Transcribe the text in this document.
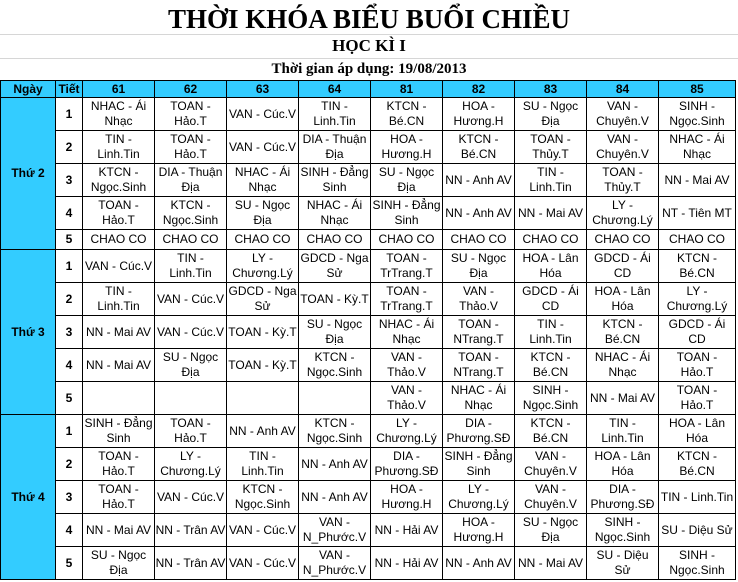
THỜI KHÓA BIỂU BUỔI CHIỀU
HỌC KÌ I
Thời gian áp dụng: 19/08/2013
Ngày	Tiết	61	62	63	64	81	82	83	84	85
Thứ 2	1	NHAC - Ái Nhạc	TOAN - Hảo.T	VAN - Cúc.V	TIN - Linh.Tin	KTCN - Bé.CN	HOA - Hương.H	SU - Ngọc Địa	VAN - Chuyên.V	SINH - Ngọc.Sinh
	2	TIN - Linh.Tin	TOAN - Hảo.T	VAN - Cúc.V	DIA - Thuận Địa	HOA - Hương.H	KTCN - Bé.CN	TOAN - Thủy.T	VAN - Chuyên.V	NHAC - Ái Nhạc
	3	KTCN - Ngọc.Sinh	DIA - Thuận Địa	NHAC - Ái Nhạc	SINH - Đẳng Sinh	SU - Ngọc Địa	NN - Anh AV	TIN - Linh.Tin	TOAN - Thủy.T	NN - Mai AV
	4	TOAN - Hảo.T	KTCN - Ngọc.Sinh	SU - Ngọc Địa	NHAC - Ái Nhạc	SINH - Đẳng Sinh	NN - Anh AV	NN - Mai AV	LY - Chương.Lý	NT - Tiên MT
	5	CHAO CO	CHAO CO	CHAO CO	CHAO CO	CHAO CO	CHAO CO	CHAO CO	CHAO CO	CHAO CO
Thứ 3	1	VAN - Cúc.V	TIN - Linh.Tin	LY - Chương.Lý	GDCD - Nga Sử	TOAN - TrTrang.T	SU - Ngọc Địa	HOA - Lân Hóa	GDCD - Ái CD	KTCN - Bé.CN
	2	TIN - Linh.Tin	VAN - Cúc.V	GDCD - Nga Sử	TOAN - Kỳ.T	TOAN - TrTrang.T	VAN - Thảo.V	GDCD - Ái CD	HOA - Lân Hóa	LY - Chương.Lý
	3	NN - Mai AV	VAN - Cúc.V	TOAN - Kỳ.T	SU - Ngọc Địa	NHAC - Ái Nhạc	TOAN - NTrang.T	TIN - Linh.Tin	KTCN - Bé.CN	GDCD - Ái CD
	4	NN - Mai AV	SU - Ngọc Địa	TOAN - Kỳ.T	KTCN - Ngọc.Sinh	VAN - Thảo.V	TOAN - NTrang.T	KTCN - Bé.CN	NHAC - Ái Nhạc	TOAN - Hảo.T
	5					VAN - Thảo.V	NHAC - Ái Nhạc	SINH - Ngọc.Sinh	NN - Mai AV	TOAN - Hảo.T
Thứ 4	1	SINH - Đẳng Sinh	TOAN - Hảo.T	NN - Anh AV	KTCN - Ngọc.Sinh	LY - Chương.Lý	DIA - Phương.SĐ	KTCN - Bé.CN	TIN - Linh.Tin	HOA - Lân Hóa
	2	TOAN - Hảo.T	LY - Chương.Lý	TIN - Linh.Tin	NN - Anh AV	DIA - Phương.SĐ	SINH - Đẳng Sinh	VAN - Chuyên.V	HOA - Lân Hóa	KTCN - Bé.CN
	3	TOAN - Hảo.T	VAN - Cúc.V	KTCN - Ngọc.Sinh	NN - Anh AV	HOA - Hương.H	LY - Chương.Lý	VAN - Chuyên.V	DIA - Phương.SĐ	TIN - Linh.Tin
	4	NN - Mai AV	NN - Trân AV	VAN - Cúc.V	VAN - N_Phước.V	NN - Hải AV	HOA - Hương.H	SU - Ngọc Địa	SINH - Ngọc.Sinh	SU - Diệu Sử
	5	SU - Ngọc Địa	NN - Trân AV	VAN - Cúc.V	VAN - N_Phước.V	NN - Hải AV	NN - Anh AV	NN - Mai AV	SU - Diệu Sử	SINH - Ngọc.Sinh
